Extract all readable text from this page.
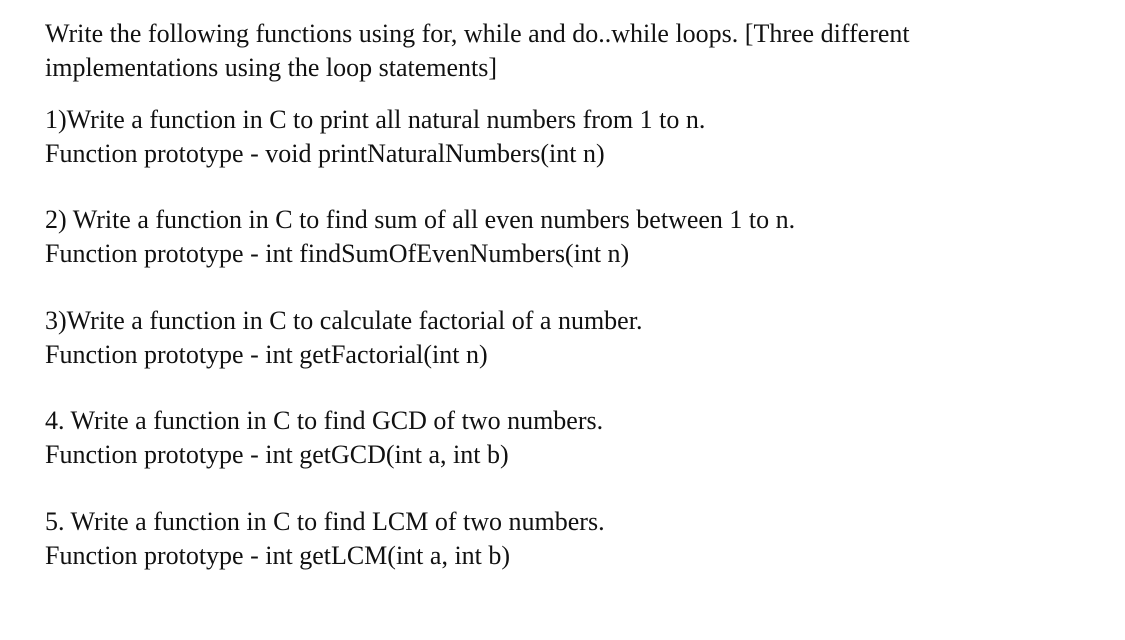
Write the following functions using for, while and do..while loops. [Three different
implementations using the loop statements]

1)Write a function in C to print all natural numbers from 1 to n.
Function prototype - void printNaturalNumbers(int n)
2) Write a function in C to find sum of all even numbers between 1 to n.
Function prototype - int findSumOfEvenNumbers(int n)
3)Write a function in C to calculate factorial of a number.
Function prototype - int getFactorial(int n)
4. Write a function in C to find GCD of two numbers.
Function prototype - int getGCD(int a, int b)
5. Write a function in C to find LCM of two numbers.
Function prototype - int getLCM(int a, int b)
